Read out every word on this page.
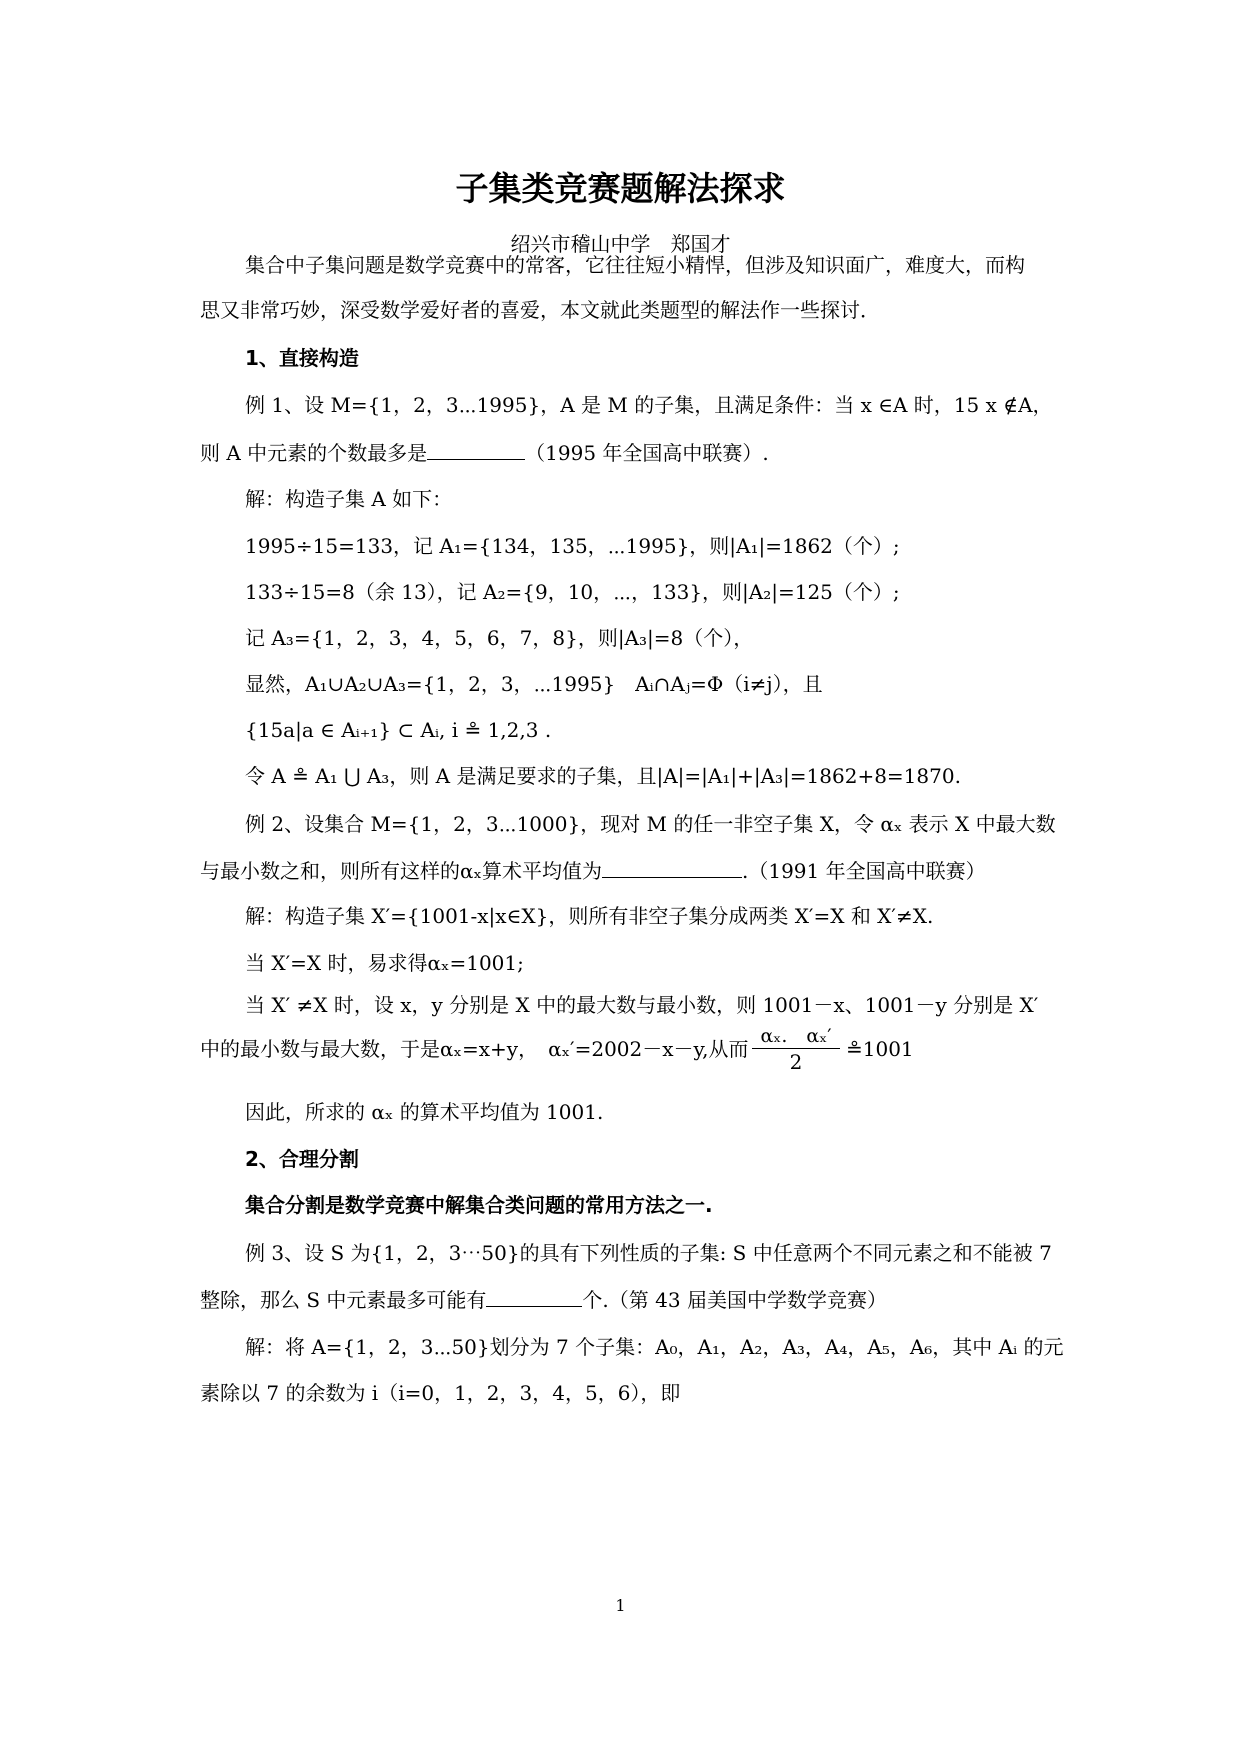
子集类竞赛题解法探求
绍兴市稽山中学　郑国才
集合中子集问题是数学竞赛中的常客，它往往短小精悍，但涉及知识面广，难度大，而构
思又非常巧妙，深受数学爱好者的喜爱，本文就此类题型的解法作一些探讨．
1、直接构造
例 1、设 M={1，2，3⋯1995}，A 是 M 的子集，且满足条件：当 x ∈A 时，15 x ∉A，
则 A 中元素的个数最多是	（1995 年全国高中联赛）.
解：构造子集 A 如下：
1995÷15=133，记 A₁={134，135，⋯1995}，则|A₁|=1862（个）;
133÷15=8（余 13），记 A₂={9，10，⋯，133}，则|A₂|=125（个）;
记 A₃={1，2，3，4，5，6，7，8}，则|A₃|=8（个），
显然，A₁∪A₂∪A₃={1，2，3，⋯1995}　Aᵢ∩Aⱼ=Φ（i≠j），且
{15a|a ∈ Aᵢ₊₁} ⊂ Aᵢ, i ≗ 1,2,3 .
令 A ≗ A₁ ⋃ A₃，则 A 是满足要求的子集，且|A|=|A₁|+|A₃|=1862+8=1870.
例 2、设集合 M={1，2，3⋯1000}，现对 M 的任一非空子集 X，令 αₓ 表示 X 中最大数
与最小数之和，则所有这样的αₓ算术平均值为	.（1991 年全国高中联赛）
解：构造子集 X′={1001-x|x∈X}，则所有非空子集分成两类 X′=X 和 X′≠X.
当 X′=X 时，易求得αₓ=1001;
当 X′ ≠X 时，设 x，y 分别是 X 中的最大数与最小数，则 1001－x、1001－y 分别是 X′
中的最小数与最大数，于是αₓ=x+y，　αₓ′=2002－x－y,从而 $\frac{\text{αₓ.　αₓ′}}{2}$ ≗1001
因此，所求的 αₓ 的算术平均值为 1001.
2、合理分割
集合分割是数学竞赛中解集合类问题的常用方法之一.
例 3、设 S 为{1，2，3⋯50}的具有下列性质的子集: S 中任意两个不同元素之和不能被 7
整除，那么 S 中元素最多可能有	个.（第 43 届美国中学数学竞赛）
解：将 A={1，2，3⋯50}划分为 7 个子集：A₀，A₁，A₂，A₃，A₄，A₅，A₆，其中 Aᵢ 的元
素除以 7 的余数为 i（i=0，1，2，3，4，5，6），即
1
